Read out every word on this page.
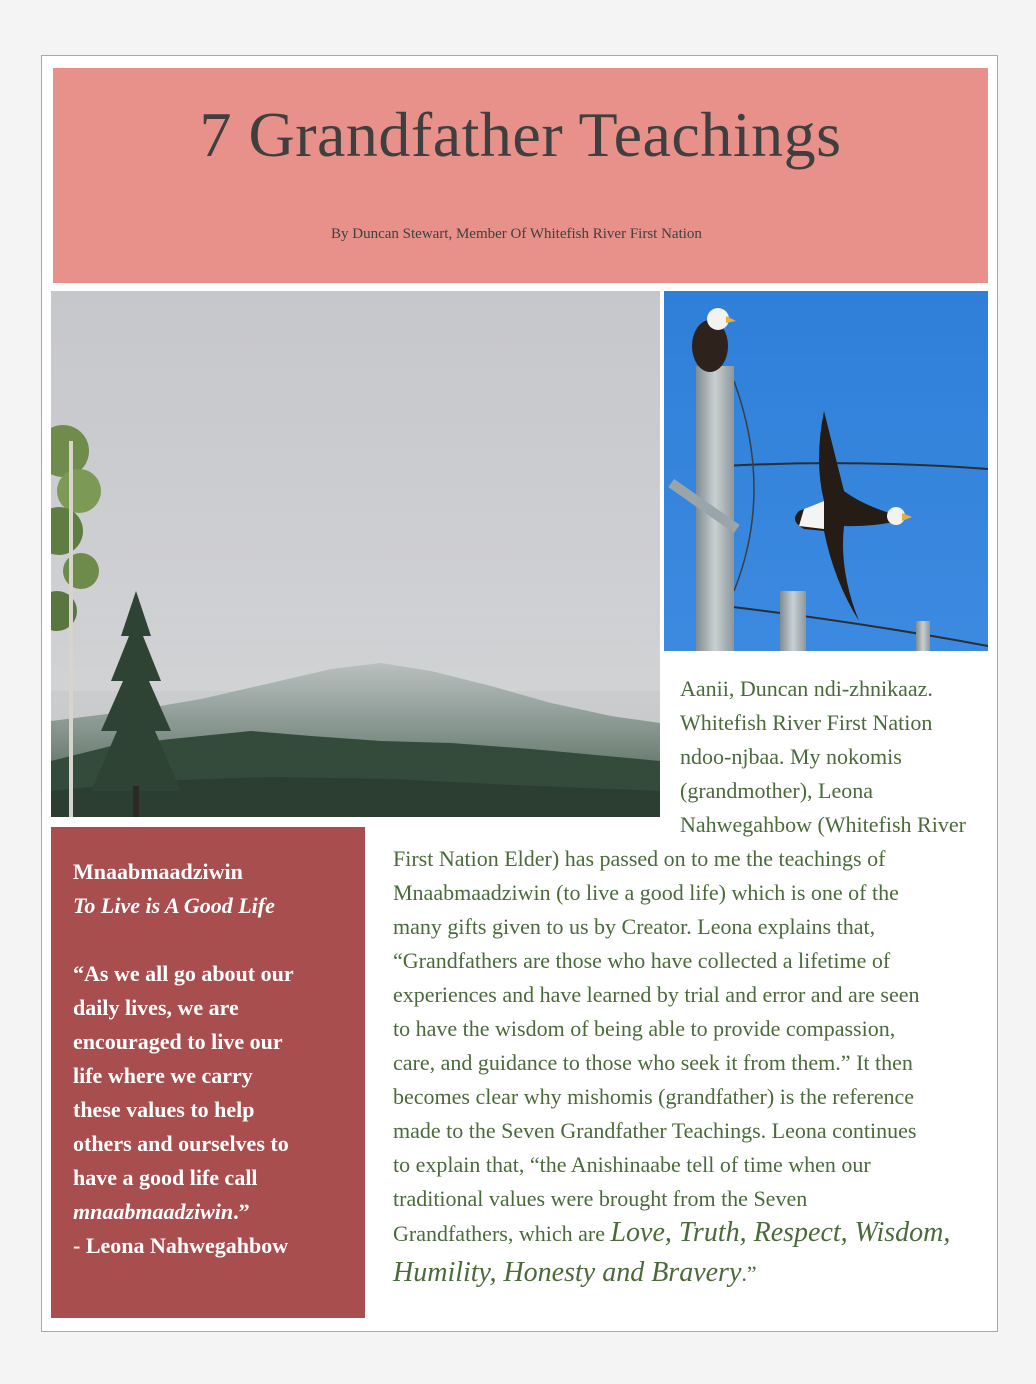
7 Grandfather Teachings
By Duncan Stewart, Member Of Whitefish River First Nation
Mnaabmaadziwin
To Live is A Good Life
“As we all go about our
daily lives, we are
encouraged to live our
life where we carry
these values to help
others and ourselves to
have a good life call
mnaabmaadziwin.”
- Leona Nahwegahbow
Aanii, Duncan ndi-zhnikaaz.
Whitefish River First Nation
ndoo-njbaa. My nokomis
(grandmother), Leona
Nahwegahbow (Whitefish River
First Nation Elder) has passed on to me the teachings of
Mnaabmaadziwin (to live a good life) which is one of the
many gifts given to us by Creator. Leona explains that,
“Grandfathers are those who have collected a lifetime of
experiences and have learned by trial and error and are seen
to have the wisdom of being able to provide compassion,
care, and guidance to those who seek it from them.” It then
becomes clear why mishomis (grandfather) is the reference
made to the Seven Grandfather Teachings. Leona continues
to explain that, “the Anishinaabe tell of time when our
traditional values were brought from the Seven
Grandfathers, which are Love, Truth, Respect, Wisdom,
Humility, Honesty and Bravery.”
